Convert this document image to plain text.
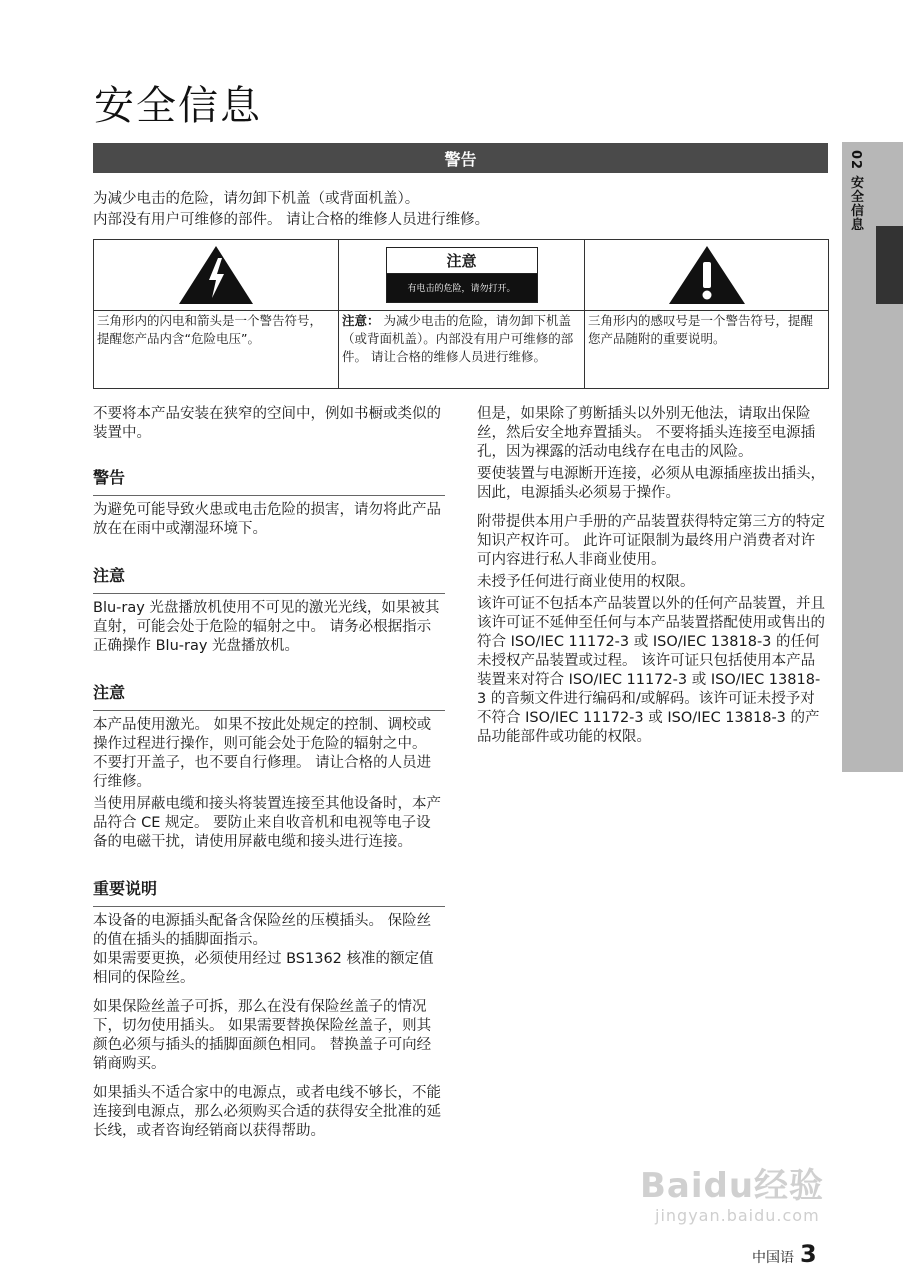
安全信息
警告

为减少电击的危险，请勿卸下机盖（或背面机盖）。

内部没有用户可维修的部件。 请让合格的维修人员进行维修。

三角形内的闪电和箭头是一个警告符号，提醒您产品内含“危险电压”。
注意
有电击的危险，请勿打开。
注意： 为减少电击的危险，请勿卸下机盖（或背面机盖）。内部没有用户可维修的部件。 请让合格的维修人员进行维修。
三角形内的感叹号是一个警告符号，提醒您产品随附的重要说明。

不要将本产品安装在狭窄的空间中，例如书橱或类似的装置中。

警告

为避免可能导致火患或电击危险的损害，请勿将此产品放在在雨中或潮湿环境下。

注意

Blu-ray 光盘播放机使用不可见的激光光线，如果被其直射，可能会处于危险的辐射之中。 请务必根据指示正确操作 Blu-ray 光盘播放机。

注意

本产品使用激光。 如果不按此处规定的控制、调校或操作过程进行操作，则可能会处于危险的辐射之中。 不要打开盖子，也不要自行修理。 请让合格的人员进行维修。

当使用屏蔽电缆和接头将装置连接至其他设备时，本产品符合 CE 规定。 要防止来自收音机和电视等电子设备的电磁干扰，请使用屏蔽电缆和接头进行连接。

重要说明

本设备的电源插头配备含保险丝的压模插头。 保险丝的值在插头的插脚面指示。

如果需要更换，必须使用经过 BS1362 核准的额定值相同的保险丝。

如果保险丝盖子可拆，那么在没有保险丝盖子的情况下，切勿使用插头。 如果需要替换保险丝盖子，则其颜色必须与插头的插脚面颜色相同。 替换盖子可向经销商购买。

如果插头不适合家中的电源点，或者电线不够长，不能连接到电源点，那么必须购买合适的获得安全批准的延长线，或者咨询经销商以获得帮助。

但是，如果除了剪断插头以外别无他法，请取出保险丝，然后安全地弃置插头。 不要将插头连接至电源插孔，因为裸露的活动电线存在电击的风险。

要使装置与电源断开连接，必须从电源插座拔出插头，因此，电源插头必须易于操作。

附带提供本用户手册的产品装置获得特定第三方的特定知识产权许可。 此许可证限制为最终用户消费者对许可内容进行私人非商业使用。

未授予任何进行商业使用的权限。

该许可证不包括本产品装置以外的任何产品装置，并且该许可证不延伸至任何与本产品装置搭配使用或售出的符合 ISO/IEC 11172-3 或 ISO/IEC 13818-3 的任何未授权产品装置或过程。 该许可证只包括使用本产品装置来对符合 ISO/IEC 11172-3 或 ISO/IEC 13818-3 的音频文件进行编码和/或解码。该许可证未授予对不符合 ISO/IEC 11172-3 或 ISO/IEC 13818-3 的产品功能部件或功能的权限。

02 安全信息
Baidu经验
jingyan.baidu.com
中国语 3
